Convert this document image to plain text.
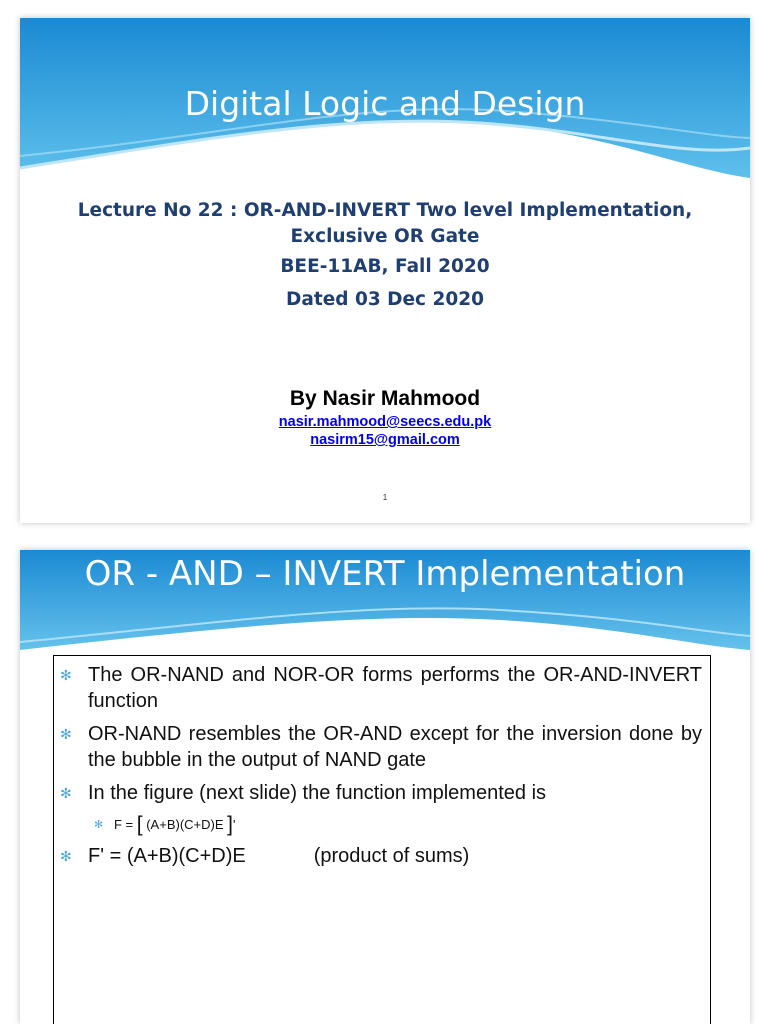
Digital Logic and Design
Lecture No 22 : OR-AND-INVERT Two level Implementation,
Exclusive OR Gate
BEE-11AB, Fall 2020
Dated 03 Dec 2020
By Nasir Mahmood
nasir.mahmood@seecs.edu.pk
nasirm15@gmail.com
1
OR - AND – INVERT Implementation
✻ The OR-NAND and NOR-OR forms performs the OR-AND-INVERT function
✻ OR-NAND resembles the OR-AND except for the inversion done by the bubble in the output of NAND gate
✻ In the figure (next slide) the function implemented is
✻ F = [ (A+B)(C+D)E ]'
✻ F' = (A+B)(C+D)E	(product of sums)
